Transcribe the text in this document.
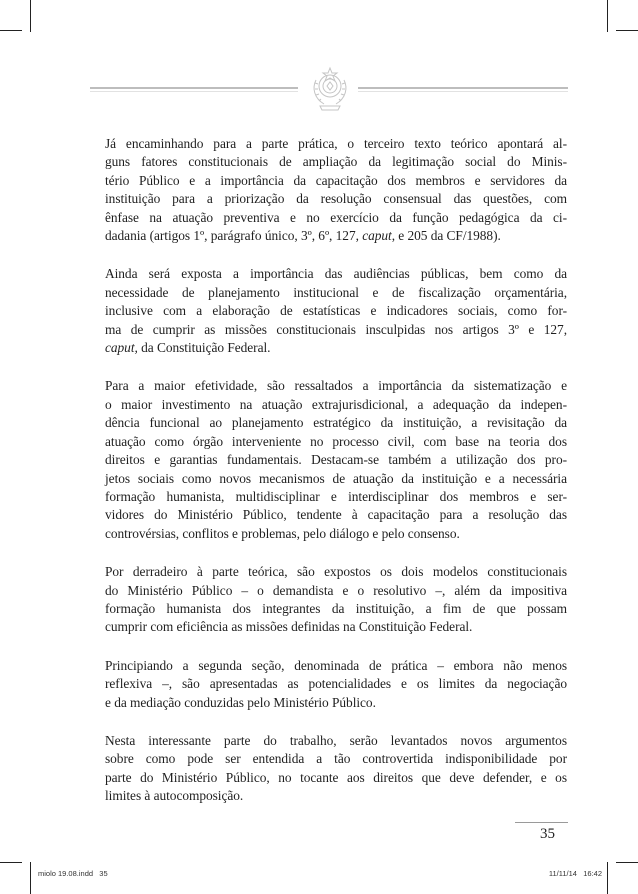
Já encaminhando para a parte prática, o terceiro texto teórico apontará al-
guns fatores constitucionais de ampliação da legitimação social do Minis-
tério Público e a importância da capacitação dos membros e servidores da
instituição para a priorização da resolução consensual das questões, com
ênfase na atuação preventiva e no exercício da função pedagógica da ci-
dadania (artigos 1º, parágrafo único, 3º, 6º, 127, caput, e 205 da CF/1988).

Ainda será exposta a importância das audiências públicas, bem como da
necessidade de planejamento institucional e de fiscalização orçamentária,
inclusive com a elaboração de estatísticas e indicadores sociais, como for-
ma de cumprir as missões constitucionais insculpidas nos artigos 3º e 127,
caput, da Constituição Federal.

Para a maior efetividade, são ressaltados a importância da sistematização e
o maior investimento na atuação extrajurisdicional, a adequação da indepen-
dência funcional ao planejamento estratégico da instituição, a revisitação da
atuação como órgão interveniente no processo civil, com base na teoria dos
direitos e garantias fundamentais. Destacam-se também a utilização dos pro-
jetos sociais como novos mecanismos de atuação da instituição e a necessária
formação humanista, multidisciplinar e interdisciplinar dos membros e ser-
vidores do Ministério Público, tendente à capacitação para a resolução das
controvérsias, conflitos e problemas, pelo diálogo e pelo consenso.

Por derradeiro à parte teórica, são expostos os dois modelos constitucionais
do Ministério Público – o demandista e o resolutivo –, além da impositiva
formação humanista dos integrantes da instituição, a fim de que possam
cumprir com eficiência as missões definidas na Constituição Federal.

Principiando a segunda seção, denominada de prática – embora não menos
reflexiva –, são apresentadas as potencialidades e os limites da negociação
e da mediação conduzidas pelo Ministério Público.

Nesta interessante parte do trabalho, serão levantados novos argumentos
sobre como pode ser entendida a tão controvertida indisponibilidade por
parte do Ministério Público, no tocante aos direitos que deve defender, e os
limites à autocomposição.

35
miolo 19.08.indd   35	11/11/14   16:42
